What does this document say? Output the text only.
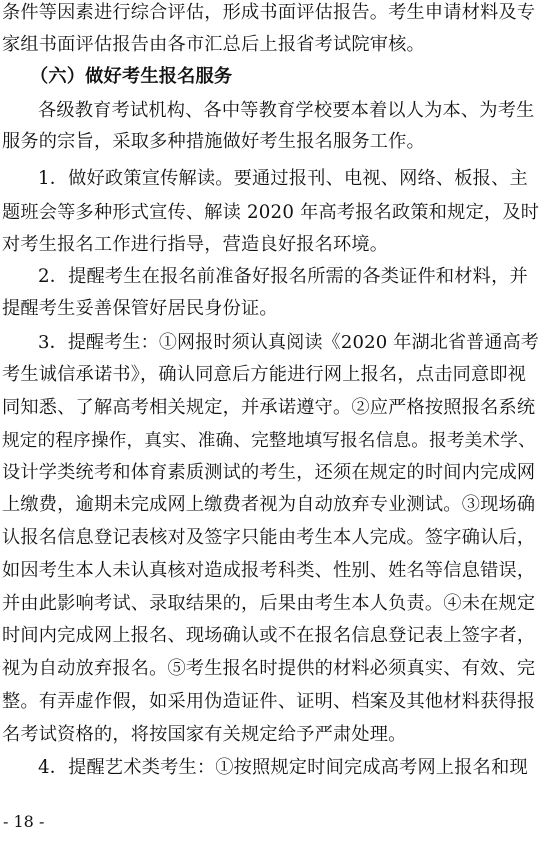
条件等因素进行综合评估，形成书面评估报告。考生申请材料及专
家组书面评估报告由各市汇总后上报省考试院审核。
（六）做好考生报名服务
各级教育考试机构、各中等教育学校要本着以人为本、为考生
服务的宗旨，采取多种措施做好考生报名服务工作。
1．做好政策宣传解读。要通过报刊、电视、网络、板报、主
题班会等多种形式宣传、解读 2020 年高考报名政策和规定，及时
对考生报名工作进行指导，营造良好报名环境。
2．提醒考生在报名前准备好报名所需的各类证件和材料，并
提醒考生妥善保管好居民身份证。
3．提醒考生：①网报时须认真阅读《2020 年湖北省普通高考
考生诚信承诺书》，确认同意后方能进行网上报名，点击同意即视
同知悉、了解高考相关规定，并承诺遵守。②应严格按照报名系统
规定的程序操作，真实、准确、完整地填写报名信息。报考美术学、
设计学类统考和体育素质测试的考生，还须在规定的时间内完成网
上缴费，逾期未完成网上缴费者视为自动放弃专业测试。③现场确
认报名信息登记表核对及签字只能由考生本人完成。签字确认后，
如因考生本人未认真核对造成报考科类、性别、姓名等信息错误，
并由此影响考试、录取结果的，后果由考生本人负责。④未在规定
时间内完成网上报名、现场确认或不在报名信息登记表上签字者，
视为自动放弃报名。⑤考生报名时提供的材料必须真实、有效、完
整。有弄虚作假，如采用伪造证件、证明、档案及其他材料获得报
名考试资格的，将按国家有关规定给予严肃处理。
4．提醒艺术类考生：①按照规定时间完成高考网上报名和现
- 18 -
